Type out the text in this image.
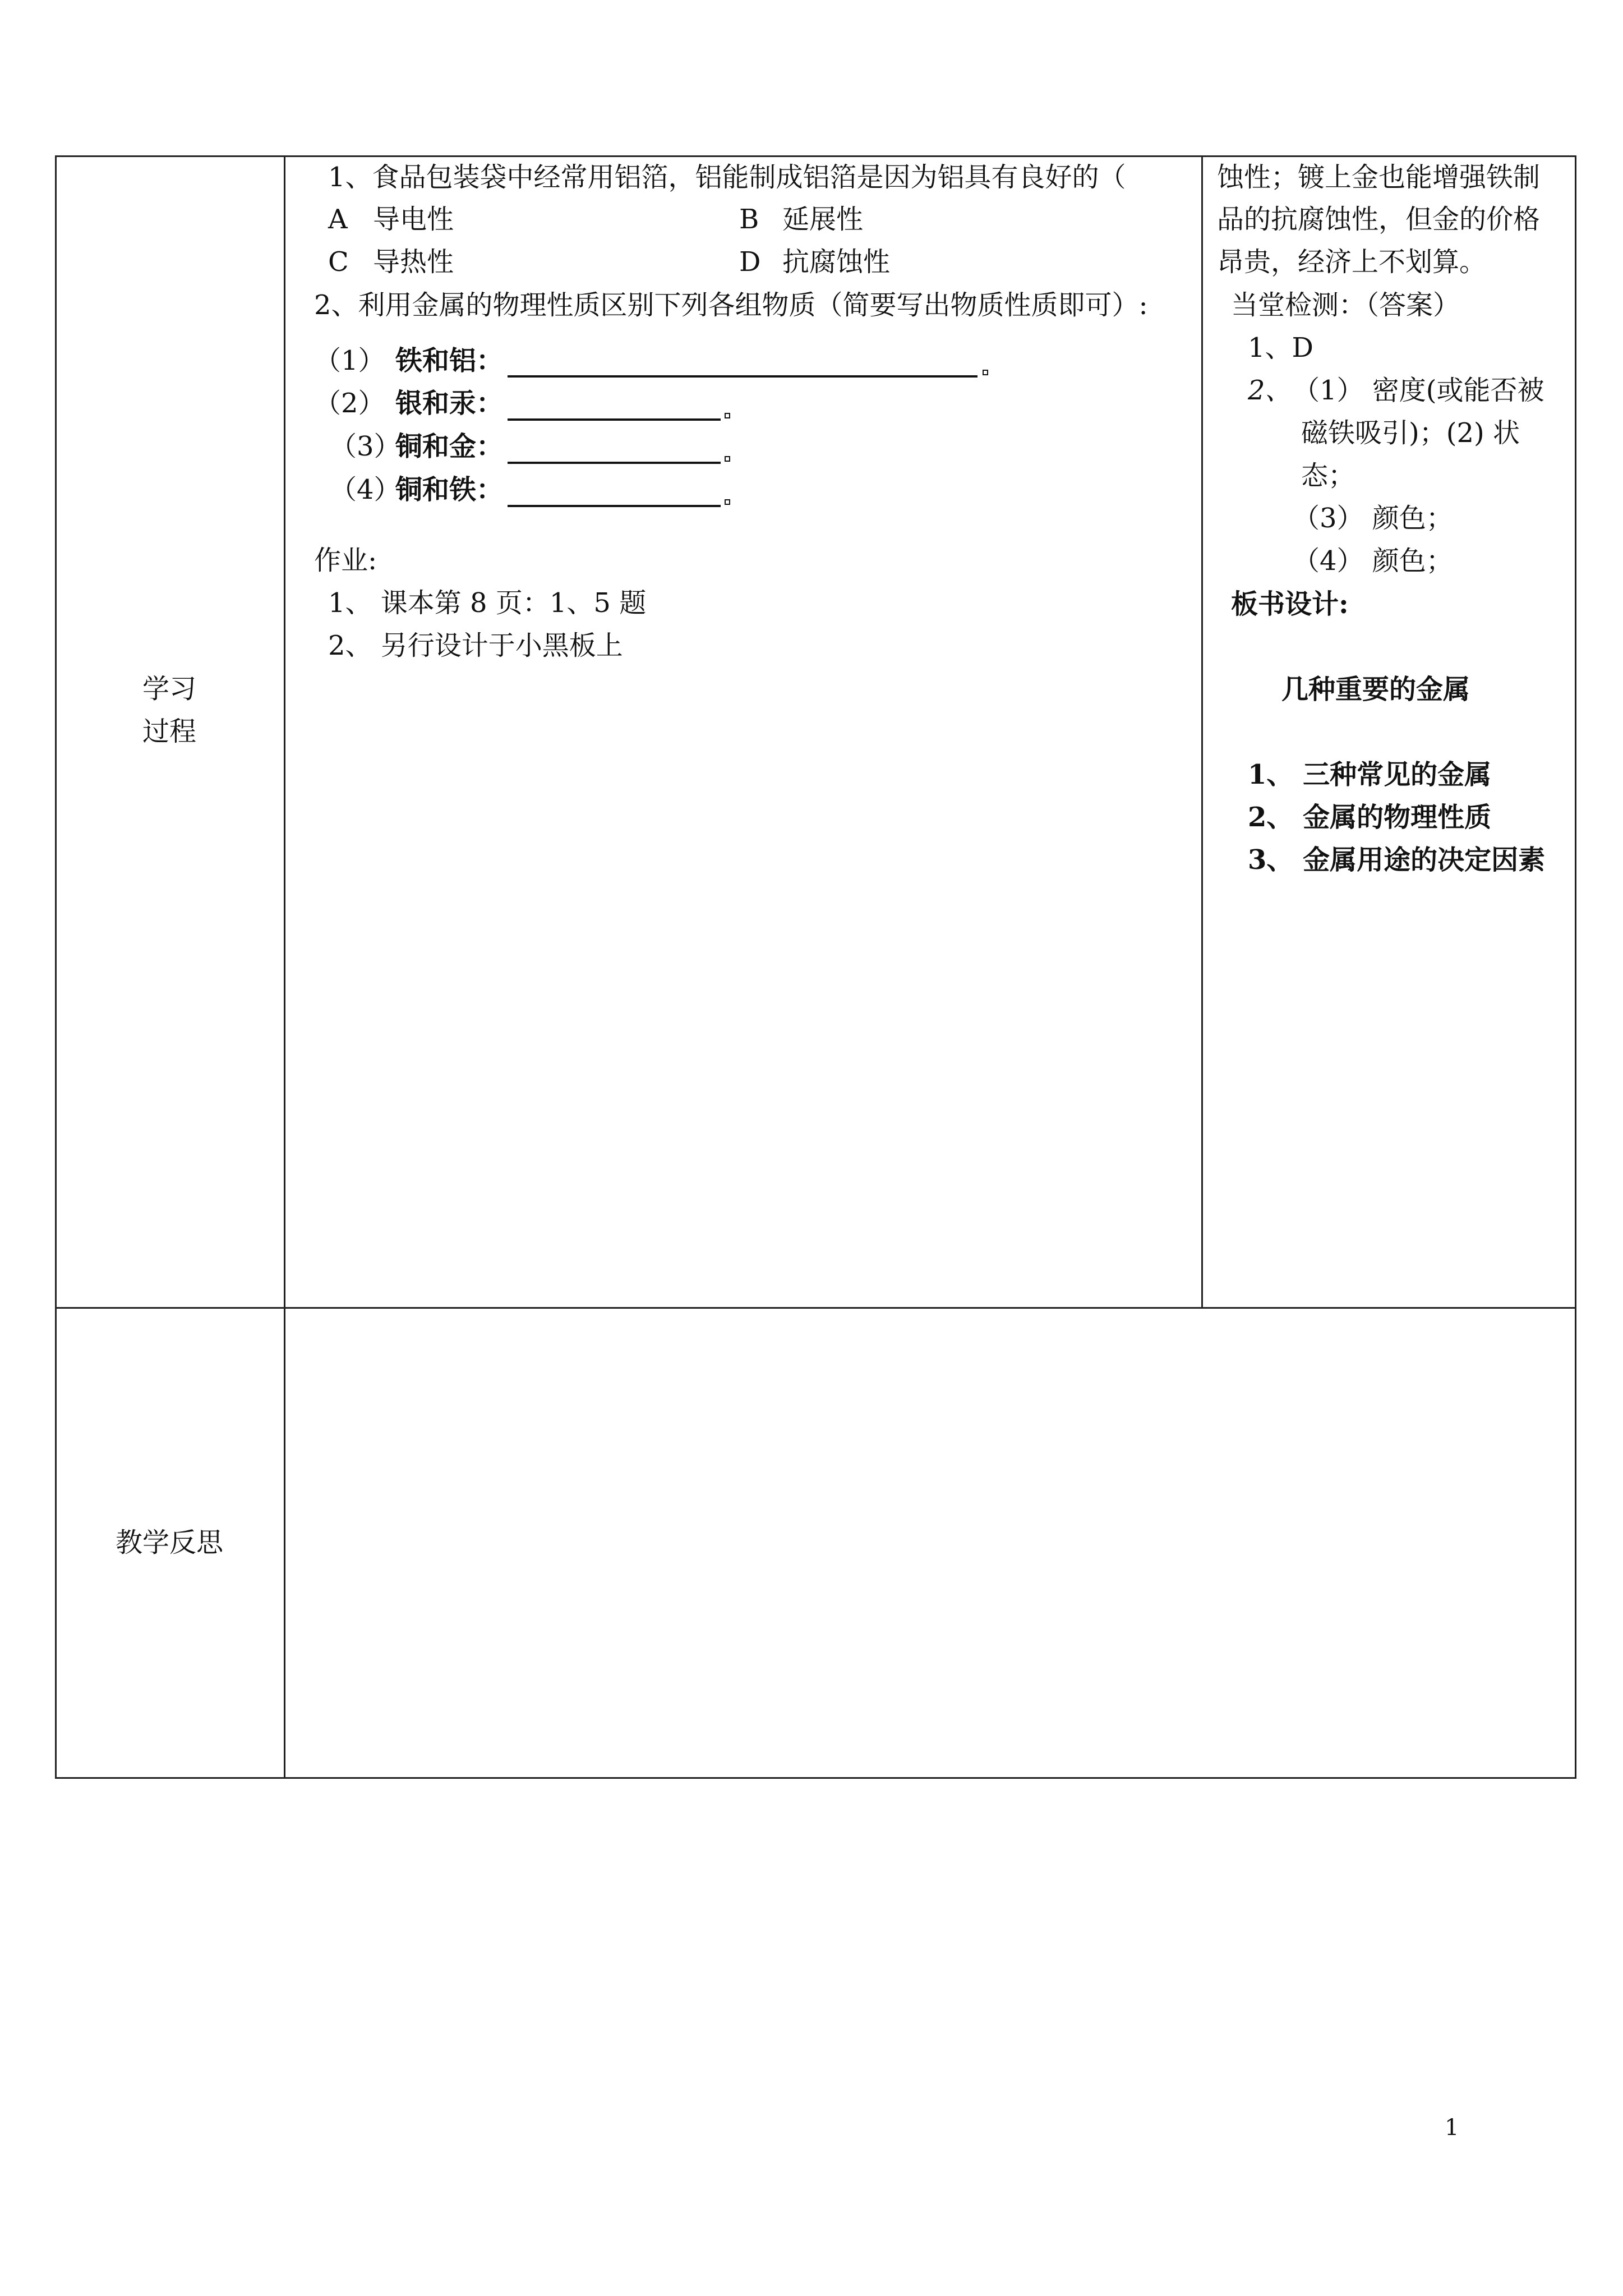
学习
过程
教学反思
1、食品包装袋中经常用铝箔，铝能制成铝箔是因为铝具有良好的（
A 导电性	B 延展性
C 导热性	D 抗腐蚀性
2、利用金属的物理性质区别下列各组物质（简要写出物质性质即可）:
（1） 铁和铝：
（2） 银和汞：
（3）
铜和金：
（4）
铜和铁：
作业:
1、 课本第 8 页：1、5 题
2、 另行设计于小黑板上
蚀性；镀上金也能增强铁制
品的抗腐蚀性，但金的价格
昂贵，经济上不划算。
当堂检测：（答案）
1、D
2、 （1） 密度(或能否被
磁铁吸引)；(2) 状
态；
（3） 颜色；
（4） 颜色；
板书设计:
几种重要的金属
1、 三种常见的金属
2、 金属的物理性质
3、 金属用途的决定因素
1
